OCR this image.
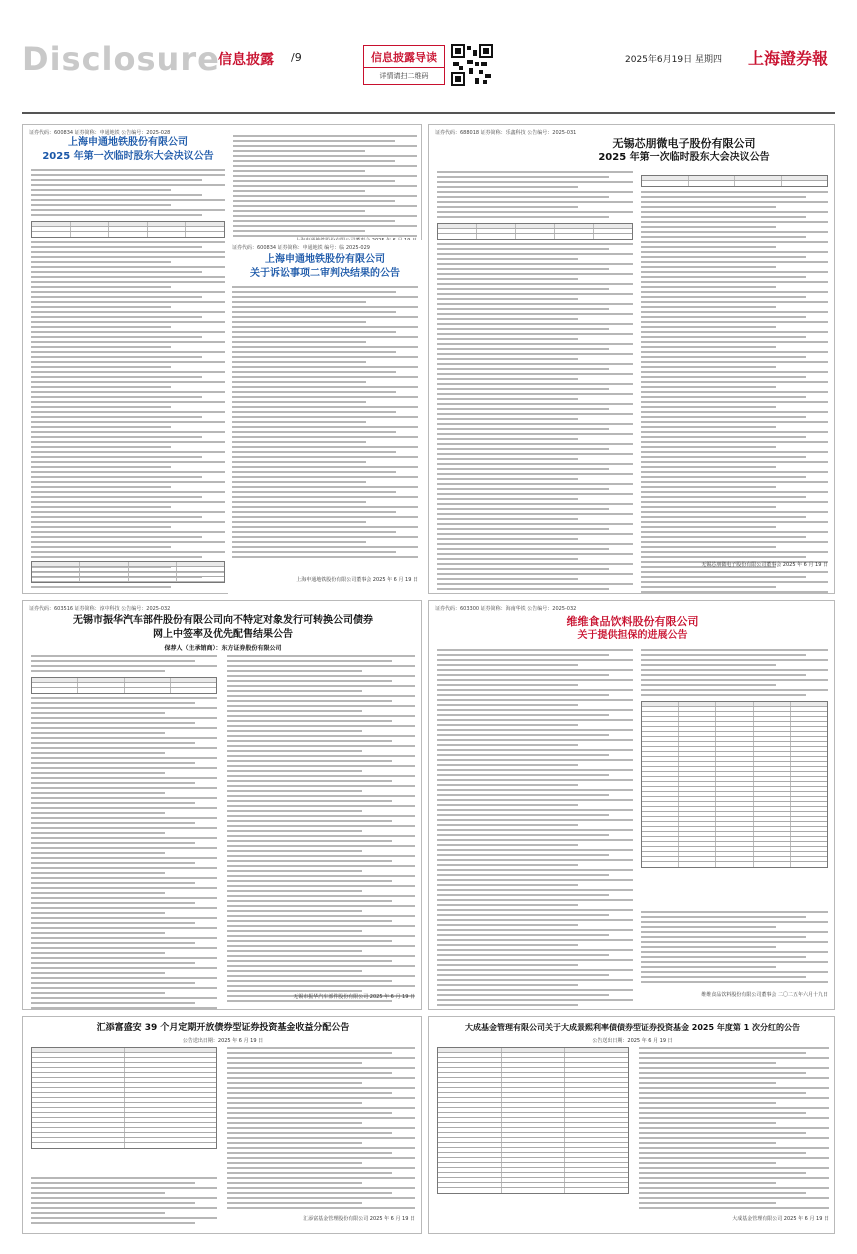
Disclosure
信息披露 /9	信息披露导读
详情请扫二维码
2025年6月19日 星期四 上海證券報
证券代码：600834 证券简称：申通地铁 公告编号：2025-028
上海申通地铁股份有限公司
2025 年第一次临时股东大会决议公告
证券代码：600834 证券简称：申通地铁 编号：临 2025-029
上海申通地铁股份有限公司
关于诉讼事项二审判决结果的公告
上海申通地铁股份有限公司董事会 2025 年 6 月 19 日
证券代码：688018 证券简称：乐鑫科技 公告编号：2025-031
无锡芯朋微电子股份有限公司
2025 年第一次临时股东大会决议公告
无锡芯朋微电子股份有限公司董事会 2025 年 6 月 19 日
证券代码：603516 证券简称：淳中科技 公告编号：2025-032
无锡市振华汽车部件股份有限公司向不特定对象发行可转换公司债券
网上中签率及优先配售结果公告
保荐人（主承销商）：东方证券股份有限公司
无锡市振华汽车部件股份有限公司 2025 年 6 月 19 日
证券代码：603300 证券简称：海南华铁 公告编号：2025-032
维维食品饮料股份有限公司
关于提供担保的进展公告
维维食品饮料股份有限公司董事会 二〇二五年六月十九日
汇添富盛安 39 个月定期开放债券型证券投资基金收益分配公告
公告送出日期：2025 年 6 月 19 日
汇添富基金管理股份有限公司 2025 年 6 月 19 日
大成基金管理有限公司关于大成景熙利率债债券型证券投资基金 2025 年度第 1 次分红的公告
公告送出日期：2025 年 6 月 19 日
大成基金管理有限公司 2025 年 6 月 19 日
